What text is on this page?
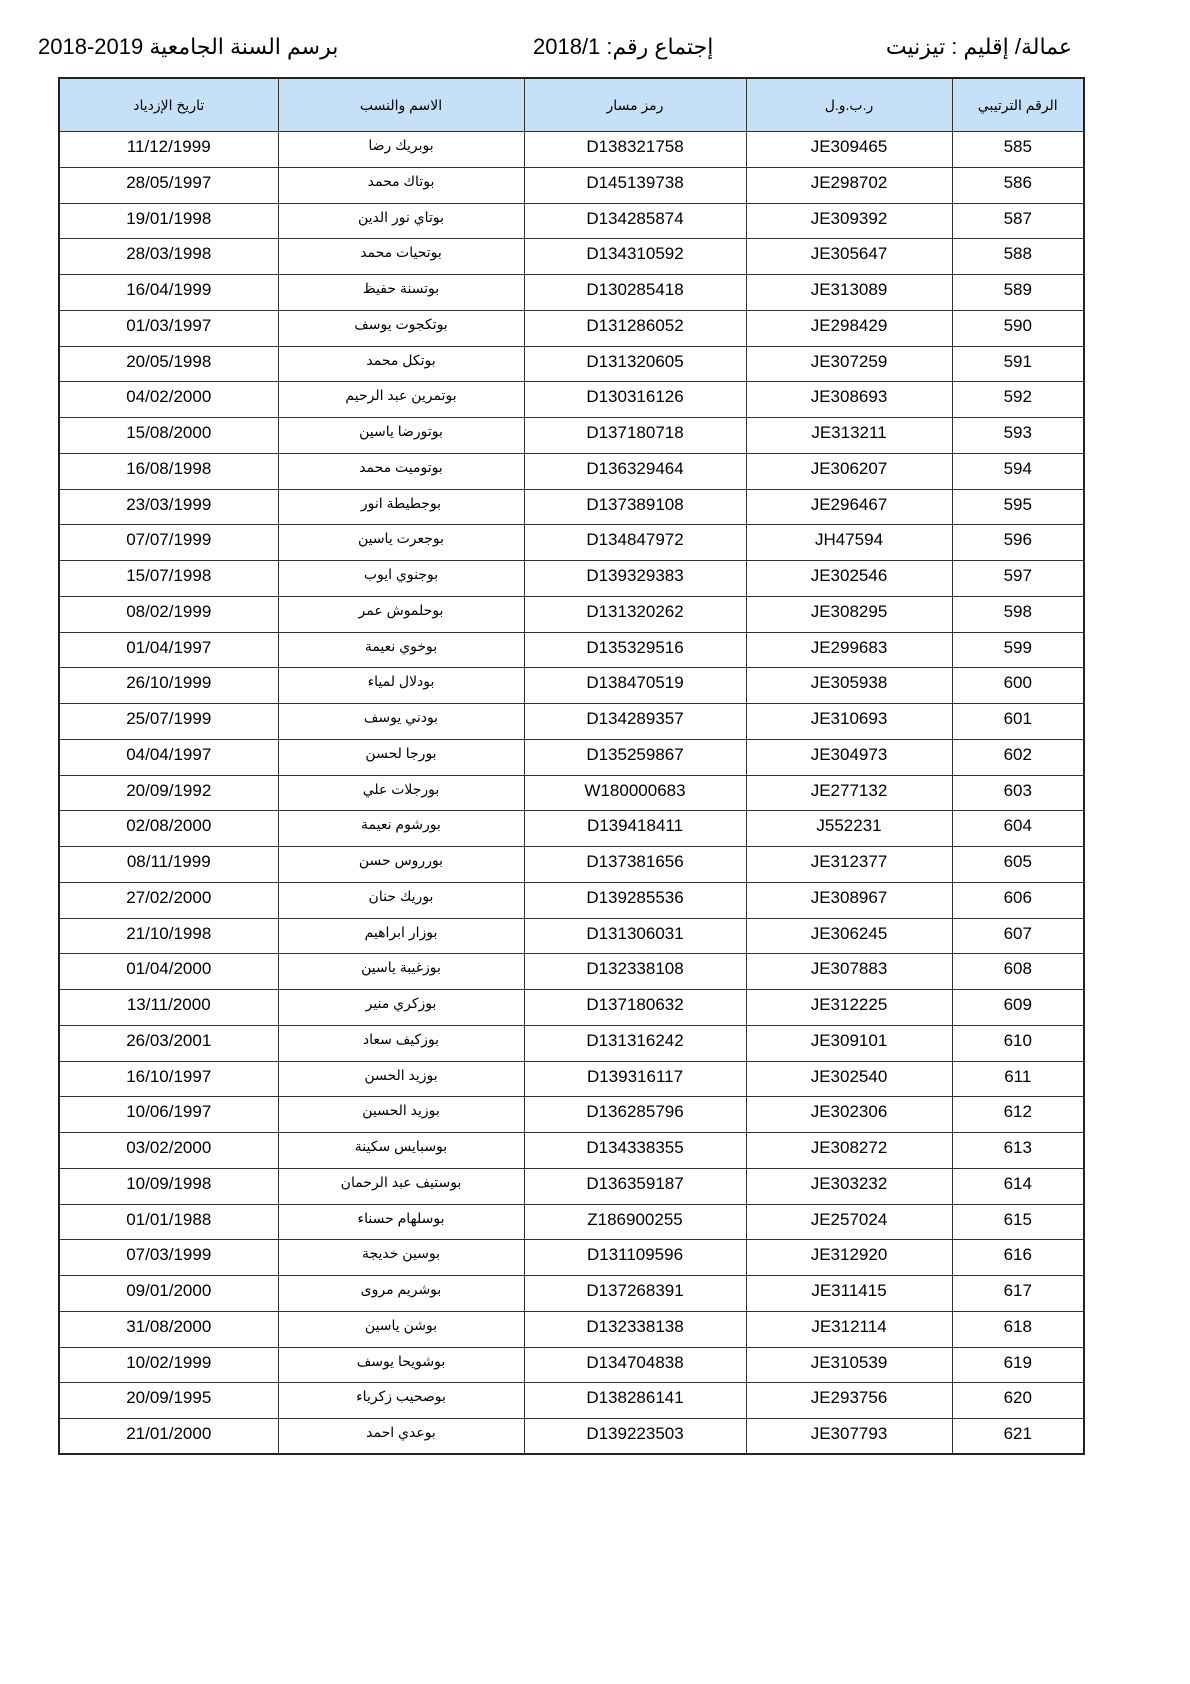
برسم السنة الجامعية 2019-2018	إجتماع رقم: 2018/1	عمالة/ إقليم : تيزنيت
تاريخ الإزدياد	الاسم والنسب	رمز مسار	ر.ب.و.ل	الرقم الترتيبي
11/12/1999	بوبريك رضا	D138321758	JE309465	585
28/05/1997	بوتاك محمد	D145139738	JE298702	586
19/01/1998	بوتاي نور الدين	D134285874	JE309392	587
28/03/1998	بوتحيات محمد	D134310592	JE305647	588
16/04/1999	بوتسنة حفيظ	D130285418	JE313089	589
01/03/1997	بوتكجوت يوسف	D131286052	JE298429	590
20/05/1998	بوتكل محمد	D131320605	JE307259	591
04/02/2000	بوتمرين عبد الرحيم	D130316126	JE308693	592
15/08/2000	بوتورضا ياسين	D137180718	JE313211	593
16/08/1998	بوتوميت محمد	D136329464	JE306207	594
23/03/1999	بوجطيطة انور	D137389108	JE296467	595
07/07/1999	بوجعرت ياسين	D134847972	JH47594	596
15/07/1998	بوجنوي ايوب	D139329383	JE302546	597
08/02/1999	بوحلموش عمر	D131320262	JE308295	598
01/04/1997	بوخوي نعيمة	D135329516	JE299683	599
26/10/1999	بودلال لمياء	D138470519	JE305938	600
25/07/1999	بودني يوسف	D134289357	JE310693	601
04/04/1997	بورجا لحسن	D135259867	JE304973	602
20/09/1992	بورجلات علي	W180000683	JE277132	603
02/08/2000	بورشوم نعيمة	D139418411	J552231	604
08/11/1999	بورروس حسن	D137381656	JE312377	605
27/02/2000	بوريك حنان	D139285536	JE308967	606
21/10/1998	بوزار ابراهيم	D131306031	JE306245	607
01/04/2000	بوزغيبة ياسين	D132338108	JE307883	608
13/11/2000	بوزكري منير	D137180632	JE312225	609
26/03/2001	بوزكيف سعاد	D131316242	JE309101	610
16/10/1997	بوزيد الحسن	D139316117	JE302540	611
10/06/1997	بوزيد الحسين	D136285796	JE302306	612
03/02/2000	بوسبايس سكينة	D134338355	JE308272	613
10/09/1998	بوستيف عبد الرحمان	D136359187	JE303232	614
01/01/1988	بوسلهام حسناء	Z186900255	JE257024	615
07/03/1999	بوسين خديجة	D131109596	JE312920	616
09/01/2000	بوشريم مروى	D137268391	JE311415	617
31/08/2000	بوشن ياسين	D132338138	JE312114	618
10/02/1999	بوشويحا يوسف	D134704838	JE310539	619
20/09/1995	بوصحيب زكرياء	D138286141	JE293756	620
21/01/2000	بوعدي احمد	D139223503	JE307793	621
